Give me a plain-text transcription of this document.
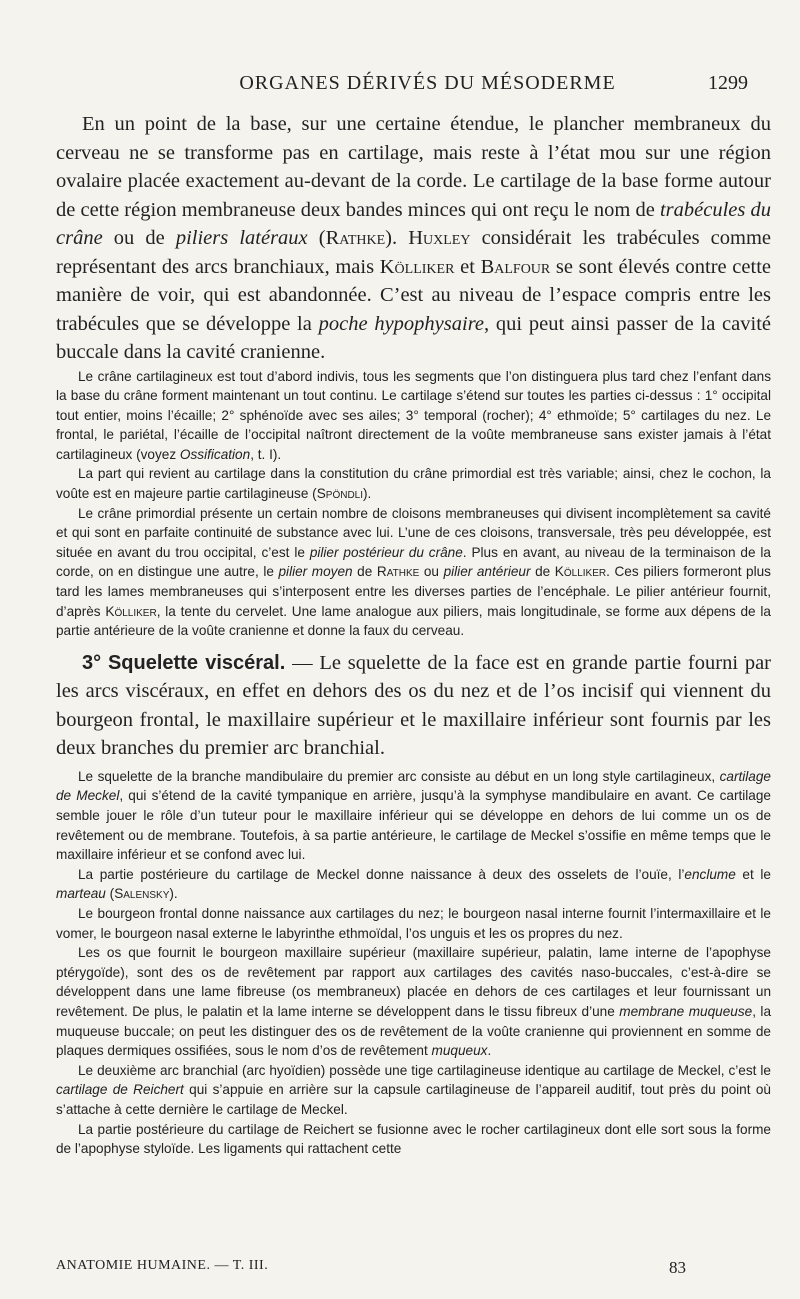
ORGANES DÉRIVÉS DU MÉSODERME	1299

En un point de la base, sur une certaine étendue, le plancher membraneux du cerveau ne se transforme pas en cartilage, mais reste à l’état mou sur une région ovalaire placée exactement au-devant de la corde. Le cartilage de la base forme autour de cette région membraneuse deux bandes minces qui ont reçu le nom de trabécules du crâne ou de piliers latéraux (Rathke). Huxley considérait les trabécules comme représentant des arcs branchiaux, mais Kölliker et Balfour se sont élevés contre cette manière de voir, qui est abandonnée. C’est au niveau de l’espace compris entre les trabécules que se développe la poche hypophysaire, qui peut ainsi passer de la cavité buccale dans la cavité cranienne.

Le crâne cartilagineux est tout d’abord indivis, tous les segments que l’on distinguera plus tard chez l’enfant dans la base du crâne forment maintenant un tout continu. Le cartilage s’étend sur toutes les parties ci-dessus : 1° occipital tout entier, moins l’écaille; 2° sphénoïde avec ses ailes; 3° temporal (rocher); 4° ethmoïde; 5° cartilages du nez. Le frontal, le pariétal, l’écaille de l’occipital naîtront directement de la voûte membraneuse sans exister jamais à l’état cartilagineux (voyez Ossification, t. I).

La part qui revient au cartilage dans la constitution du crâne primordial est très variable; ainsi, chez le cochon, la voûte est en majeure partie cartilagineuse (Spöndli).

Le crâne primordial présente un certain nombre de cloisons membraneuses qui divisent incomplètement sa cavité et qui sont en parfaite continuité de substance avec lui. L’une de ces cloisons, transversale, très peu développée, est située en avant du trou occipital, c’est le pilier postérieur du crâne. Plus en avant, au niveau de la terminaison de la corde, on en distingue une autre, le pilier moyen de Rathke ou pilier antérieur de Kölliker. Ces piliers formeront plus tard les lames membraneuses qui s’interposent entre les diverses parties de l’encéphale. Le pilier antérieur fournit, d’après Kölliker, la tente du cervelet. Une lame analogue aux piliers, mais longitudinale, se forme aux dépens de la partie antérieure de la voûte cranienne et donne la faux du cerveau.

3° Squelette viscéral. — Le squelette de la face est en grande partie fourni par les arcs viscéraux, en effet en dehors des os du nez et de l’os incisif qui viennent du bourgeon frontal, le maxillaire supérieur et le maxillaire inférieur sont fournis par les deux branches du premier arc branchial.

Le squelette de la branche mandibulaire du premier arc consiste au début en un long style cartilagineux, cartilage de Meckel, qui s’étend de la cavité tympanique en arrière, jusqu’à la symphyse mandibulaire en avant. Ce cartilage semble jouer le rôle d’un tuteur pour le maxillaire inférieur qui se développe en dehors de lui comme un os de revêtement ou de membrane. Toutefois, à sa partie antérieure, le cartilage de Meckel s’ossifie en même temps que le maxillaire inférieur et se confond avec lui.

La partie postérieure du cartilage de Meckel donne naissance à deux des osselets de l’ouïe, l’enclume et le marteau (Salensky).

Le bourgeon frontal donne naissance aux cartilages du nez; le bourgeon nasal interne fournit l’intermaxillaire et le vomer, le bourgeon nasal externe le labyrinthe ethmoïdal, l’os unguis et les os propres du nez.

Les os que fournit le bourgeon maxillaire supérieur (maxillaire supérieur, palatin, lame interne de l’apophyse ptérygoïde), sont des os de revêtement par rapport aux cartilages des cavités naso-buccales, c’est-à-dire se développent dans une lame fibreuse (os membraneux) placée en dehors de ces cartilages et leur fournissant un revêtement. De plus, le palatin et la lame interne se développent dans le tissu fibreux d’une membrane muqueuse, la muqueuse buccale; on peut les distinguer des os de revêtement de la voûte cranienne qui proviennent en somme de plaques dermiques ossifiées, sous le nom d’os de revêtement muqueux.

Le deuxième arc branchial (arc hyoïdien) possède une tige cartilagineuse identique au cartilage de Meckel, c’est le cartilage de Reichert qui s’appuie en arrière sur la capsule cartilagineuse de l’appareil auditif, tout près du point où s’attache à cette dernière le cartilage de Meckel.

La partie postérieure du cartilage de Reichert se fusionne avec le rocher cartilagineux dont elle sort sous la forme de l’apophyse styloïde. Les ligaments qui rattachent cette

ANATOMIE HUMAINE. — T. III.	83
